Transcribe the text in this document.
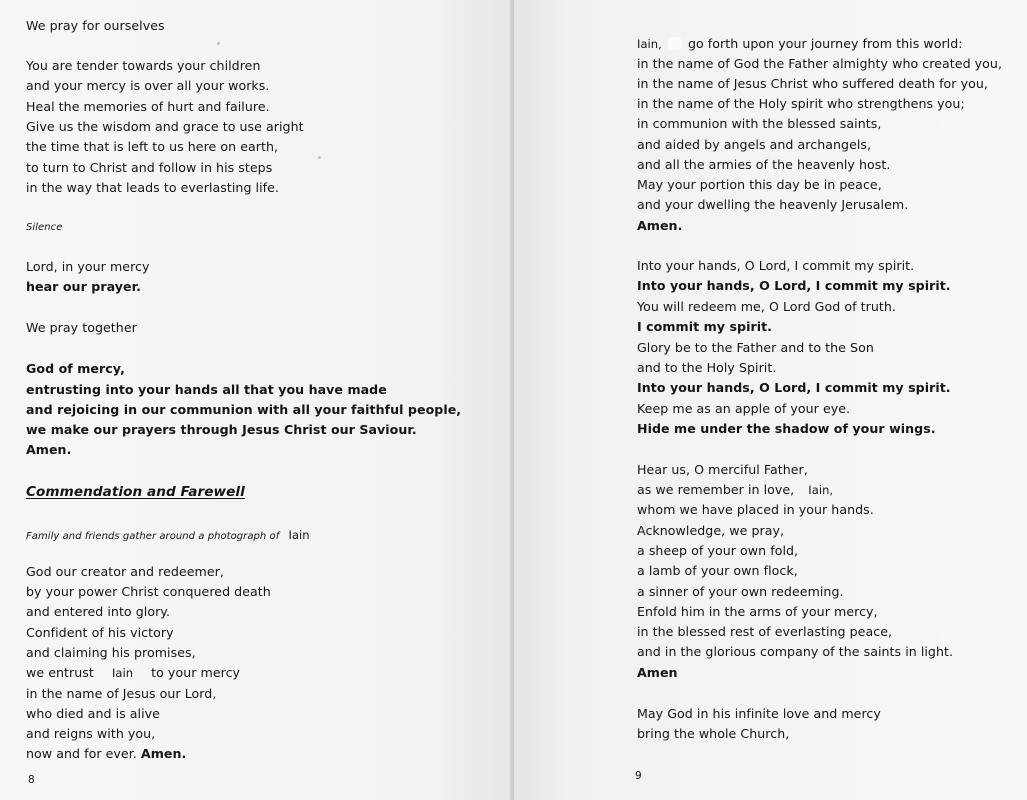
We pray for ourselves
You are tender towards your children
and your mercy is over all your works.
Heal the memories of hurt and failure.
Give us the wisdom and grace to use aright
the time that is left to us here on earth,
to turn to Christ and follow in his steps
in the way that leads to everlasting life.
Silence
Lord, in your mercy
hear our prayer.
We pray together
God of mercy,
entrusting into your hands all that you have made
and rejoicing in our communion with all your faithful people,
we make our prayers through Jesus Christ our Saviour.
Amen.
Commendation and Farewell
Family and friends gather around a photograph of Iain
God our creator and redeemer,
by your power Christ conquered death
and entered into glory.
Confident of his victory
and claiming his promises,
we entrust Iain to your mercy
in the name of Jesus our Lord,
who died and is alive
and reigns with you,
now and for ever. Amen.
8
Iain, go forth upon your journey from this world:
in the name of God the Father almighty who created you,
in the name of Jesus Christ who suffered death for you,
in the name of the Holy spirit who strengthens you;
in communion with the blessed saints,
and aided by angels and archangels,
and all the armies of the heavenly host.
May your portion this day be in peace,
and your dwelling the heavenly Jerusalem.
Amen.
Into your hands, O Lord, I commit my spirit.
Into your hands, O Lord, I commit my spirit.
You will redeem me, O Lord God of truth.
I commit my spirit.
Glory be to the Father and to the Son
and to the Holy Spirit.
Into your hands, O Lord, I commit my spirit.
Keep me as an apple of your eye.
Hide me under the shadow of your wings.
Hear us, O merciful Father,
as we remember in love, Iain,
whom we have placed in your hands.
Acknowledge, we pray,
a sheep of your own fold,
a lamb of your own flock,
a sinner of your own redeeming.
Enfold him in the arms of your mercy,
in the blessed rest of everlasting peace,
and in the glorious company of the saints in light.
Amen
May God in his infinite love and mercy
bring the whole Church,
9
